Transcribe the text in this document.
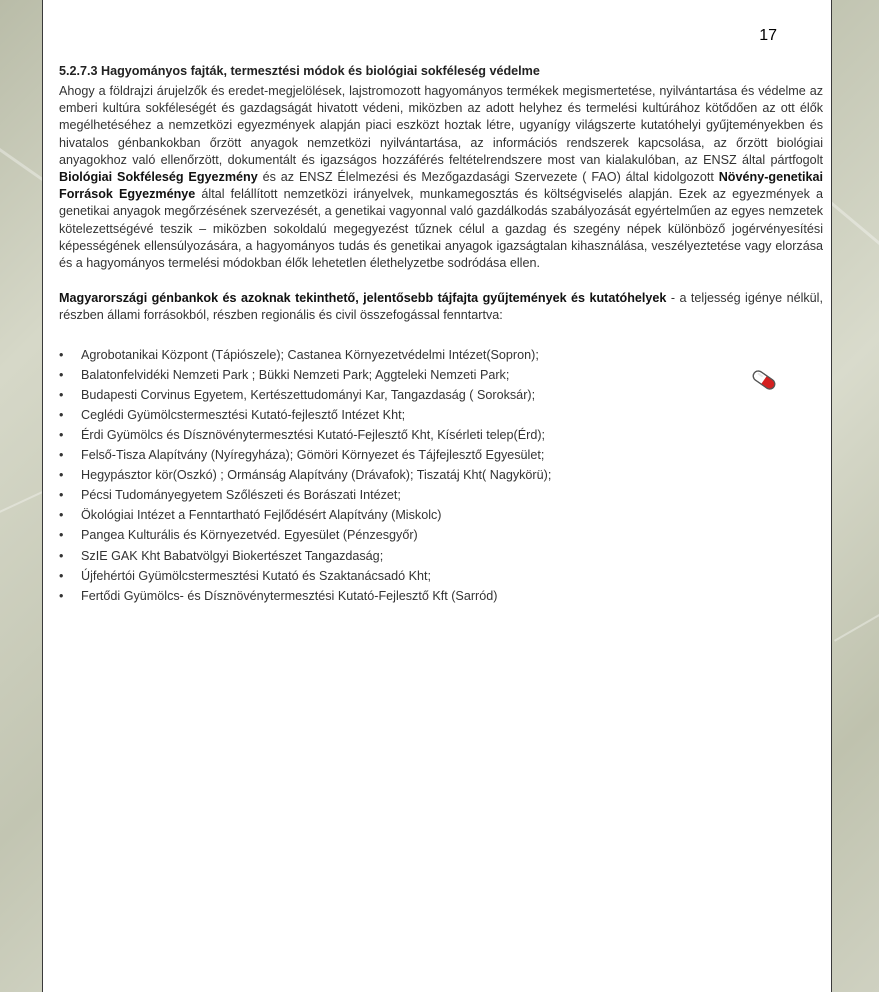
17

5.2.7.3 Hagyományos fajták, termesztési módok és biológiai sokféleség védelme

Ahogy a földrajzi árujelzők és eredet-megjelölések, lajstromozott hagyományos termékek megismertetése, nyilvántartása és védelme az emberi kultúra sokféleségét és gazdagságát hivatott védeni, miközben az adott helyhez és termelési kultúrához kötődően az ott élők megélhetéséhez a nemzetközi egyezmények alapján piaci eszközt hoztak létre, ugyanígy világszerte kutatóhelyi gyűjteményekben és hivatalos génbankokban őrzött anyagok nemzetközi nyilvántartása, az információs rendszerek kapcsolása, az őrzött biológiai anyagokhoz való ellenőrzött, dokumentált és igazságos hozzáférés feltételrendszere most van kialakulóban, az ENSZ által pártfogolt Biológiai Sokféleség Egyezmény és az ENSZ Élelmezési és Mezőgazdasági Szervezete ( FAO) által kidolgozott Növény-genetikai Források Egyezménye által felállított nemzetközi irányelvek, munkamegosztás és költségviselés alapján. Ezek az egyezmények a genetikai anyagok megőrzésének szervezését, a genetikai vagyonnal való gazdálkodás szabályozását egyértelműen az egyes nemzetek kötelezettségévé teszik – miközben sokoldalú megegyezést tűznek célul a gazdag és szegény népek különböző jogérvényesítési képességének ellensúlyozására, a hagyományos tudás és genetikai anyagok igazságtalan kihasználása, veszélyeztetése vagy elorzása és a hagyományos termelési módokban élők lehetetlen élethelyzetbe sodródása ellen.

Magyarországi génbankok és azoknak tekinthető, jelentősebb tájfajta gyűjtemények és kutatóhelyek - a teljesség igénye nélkül, részben állami forrásokból, részben regionális és civil összefogással fenntartva:

• Agrobotanikai Központ (Tápiószele); Castanea Környezetvédelmi Intézet(Sopron);
• Balatonfelvidéki Nemzeti Park ; Bükki Nemzeti Park; Aggteleki Nemzeti Park;
• Budapesti Corvinus Egyetem, Kertészettudományi Kar, Tangazdaság ( Soroksár);
• Ceglédi Gyümölcstermesztési Kutató-fejlesztő Intézet Kht;
• Érdi Gyümölcs és Dísznövénytermesztési Kutató-Fejlesztő Kht, Kísérleti telep(Érd);
• Felső-Tisza Alapítvány (Nyíregyháza); Gömöri Környezet és Tájfejlesztő Egyesület;
• Hegypásztor kör(Oszkó) ; Ormánság Alapítvány (Drávafok); Tiszatáj Kht( Nagykörü);
• Pécsi Tudományegyetem Szőlészeti és Borászati Intézet;
• Ökológiai Intézet a Fenntartható Fejlődésért Alapítvány (Miskolc)
• Pangea Kulturális és Környezetvéd. Egyesület (Pénzesgyőr)
• SzIE GAK Kht Babatvölgyi Biokertészet Tangazdaság;
• Újfehértói Gyümölcstermesztési Kutató és Szaktanácsadó Kht;
• Fertődi Gyümölcs- és Dísznövénytermesztési Kutató-Fejlesztő Kft (Sarród)
